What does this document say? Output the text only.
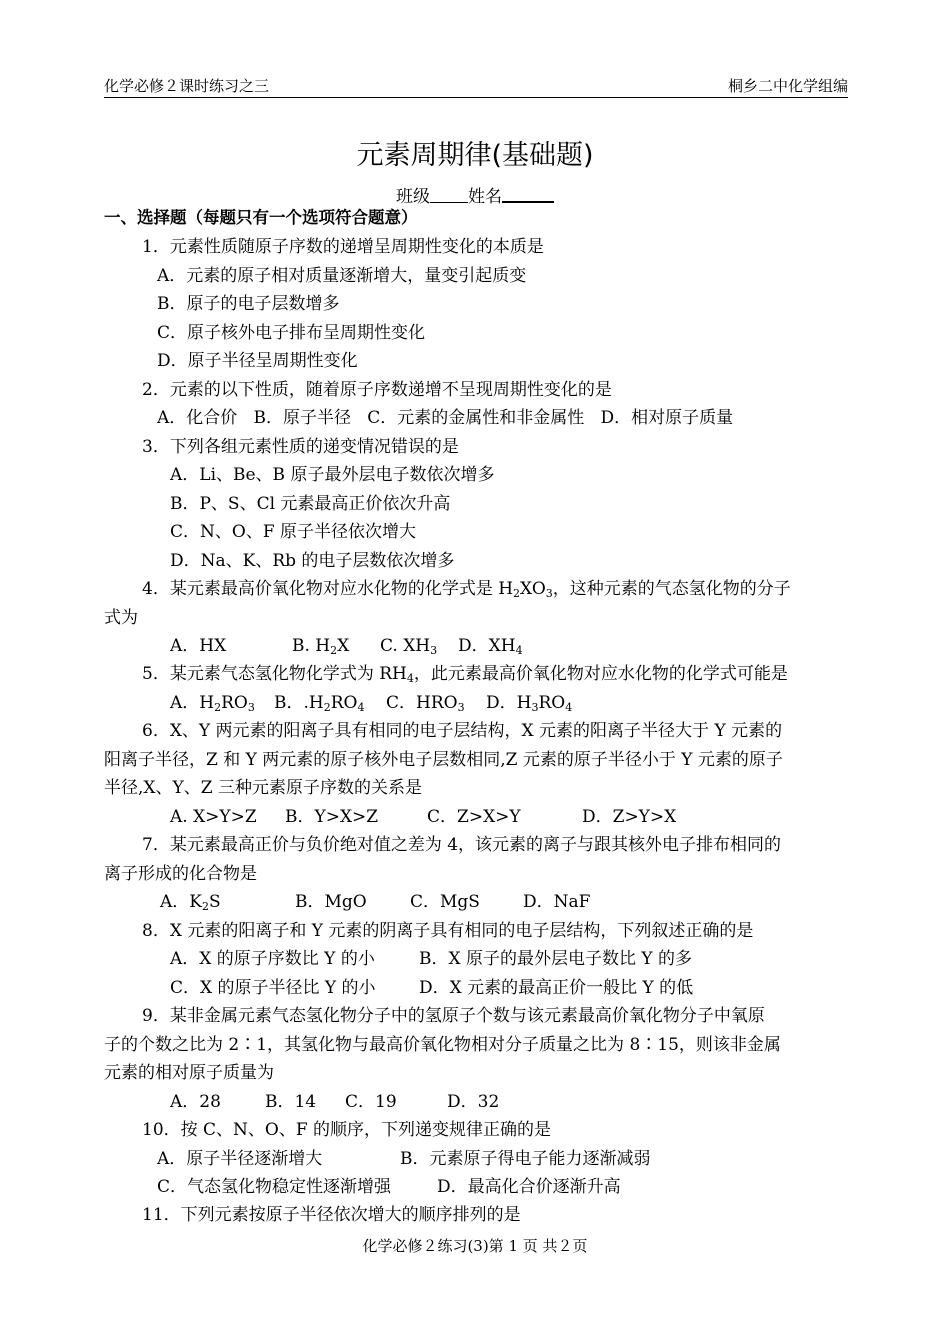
化学必修２课时练习之三	桐乡二中化学组编
元素周期律(基础题)
班级 姓名
一、选择题（每题只有一个选项符合题意）
1．元素性质随原子序数的递增呈周期性变化的本质是
A．元素的原子相对质量逐渐增大，量变引起质变
B．原子的电子层数增多
C．原子核外电子排布呈周期性变化
D．原子半径呈周期性变化
2．元素的以下性质，随着原子序数递增不呈现周期性变化的是
A．化合价 B．原子半径 C．元素的金属性和非金属性 D．相对原子质量
3．下列各组元素性质的递变情况错误的是
A．Li、Be、B 原子最外层电子数依次增多
B．P、S、Cl 元素最高正价依次升高
C．N、O、F 原子半径依次增大
D．Na、K、Rb 的电子层数依次增多
4．某元素最高价氧化物对应水化物的化学式是 $H_2XO_3$，这种元素的气态氢化物的分子
式为
A．HX	B. $H_2X$ C. $XH_3$ D．$XH_4$
5．某元素气态氢化物化学式为 $RH_4$，此元素最高价氧化物对应水化物的化学式可能是
A．$H_2RO_3$ B．$.H_2RO_4$ C．$HRO_3$ D．$H_3RO_4$
6．X、Y 两元素的阳离子具有相同的电子层结构，X 元素的阳离子半径大于 Y 元素的
阳离子半径，Z 和 Y 两元素的原子核外电子层数相同,Z 元素的原子半径小于 Y 元素的原子
半径,X、Y、Z 三种元素原子序数的关系是
A. X>Y>Z B．Y>X>Z	C．Z>X>Y	D．Z>Y>X
7．某元素最高正价与负价绝对值之差为 4，该元素的离子与跟其核外电子排布相同的
离子形成的化合物是
A．$K_2S$	B．MgO	C．MgS	D．NaF
8．X 元素的阳离子和 Y 元素的阴离子具有相同的电子层结构，下列叙述正确的是
A．X 的原子序数比 Y 的小	B．X 原子的最外层电子数比 Y 的多
C．X 的原子半径比 Y 的小	D．X 元素的最高正价一般比 Y 的低
9．某非金属元素气态氢化物分子中的氢原子个数与该元素最高价氧化物分子中氧原
子的个数之比为 2∶1，其氢化物与最高价氧化物相对分子质量之比为 8∶15，则该非金属
元素的相对原子质量为
A．28	B．14 C．19	D．32
10．按 C、N、O、F 的顺序，下列递变规律正确的是
A．原子半径逐渐增大	B．元素原子得电子能力逐渐减弱
C．气态氢化物稳定性逐渐增强	D．最高化合价逐渐升高
11．下列元素按原子半径依次增大的顺序排列的是
化学必修２练习(3)第 1 页 共２页
